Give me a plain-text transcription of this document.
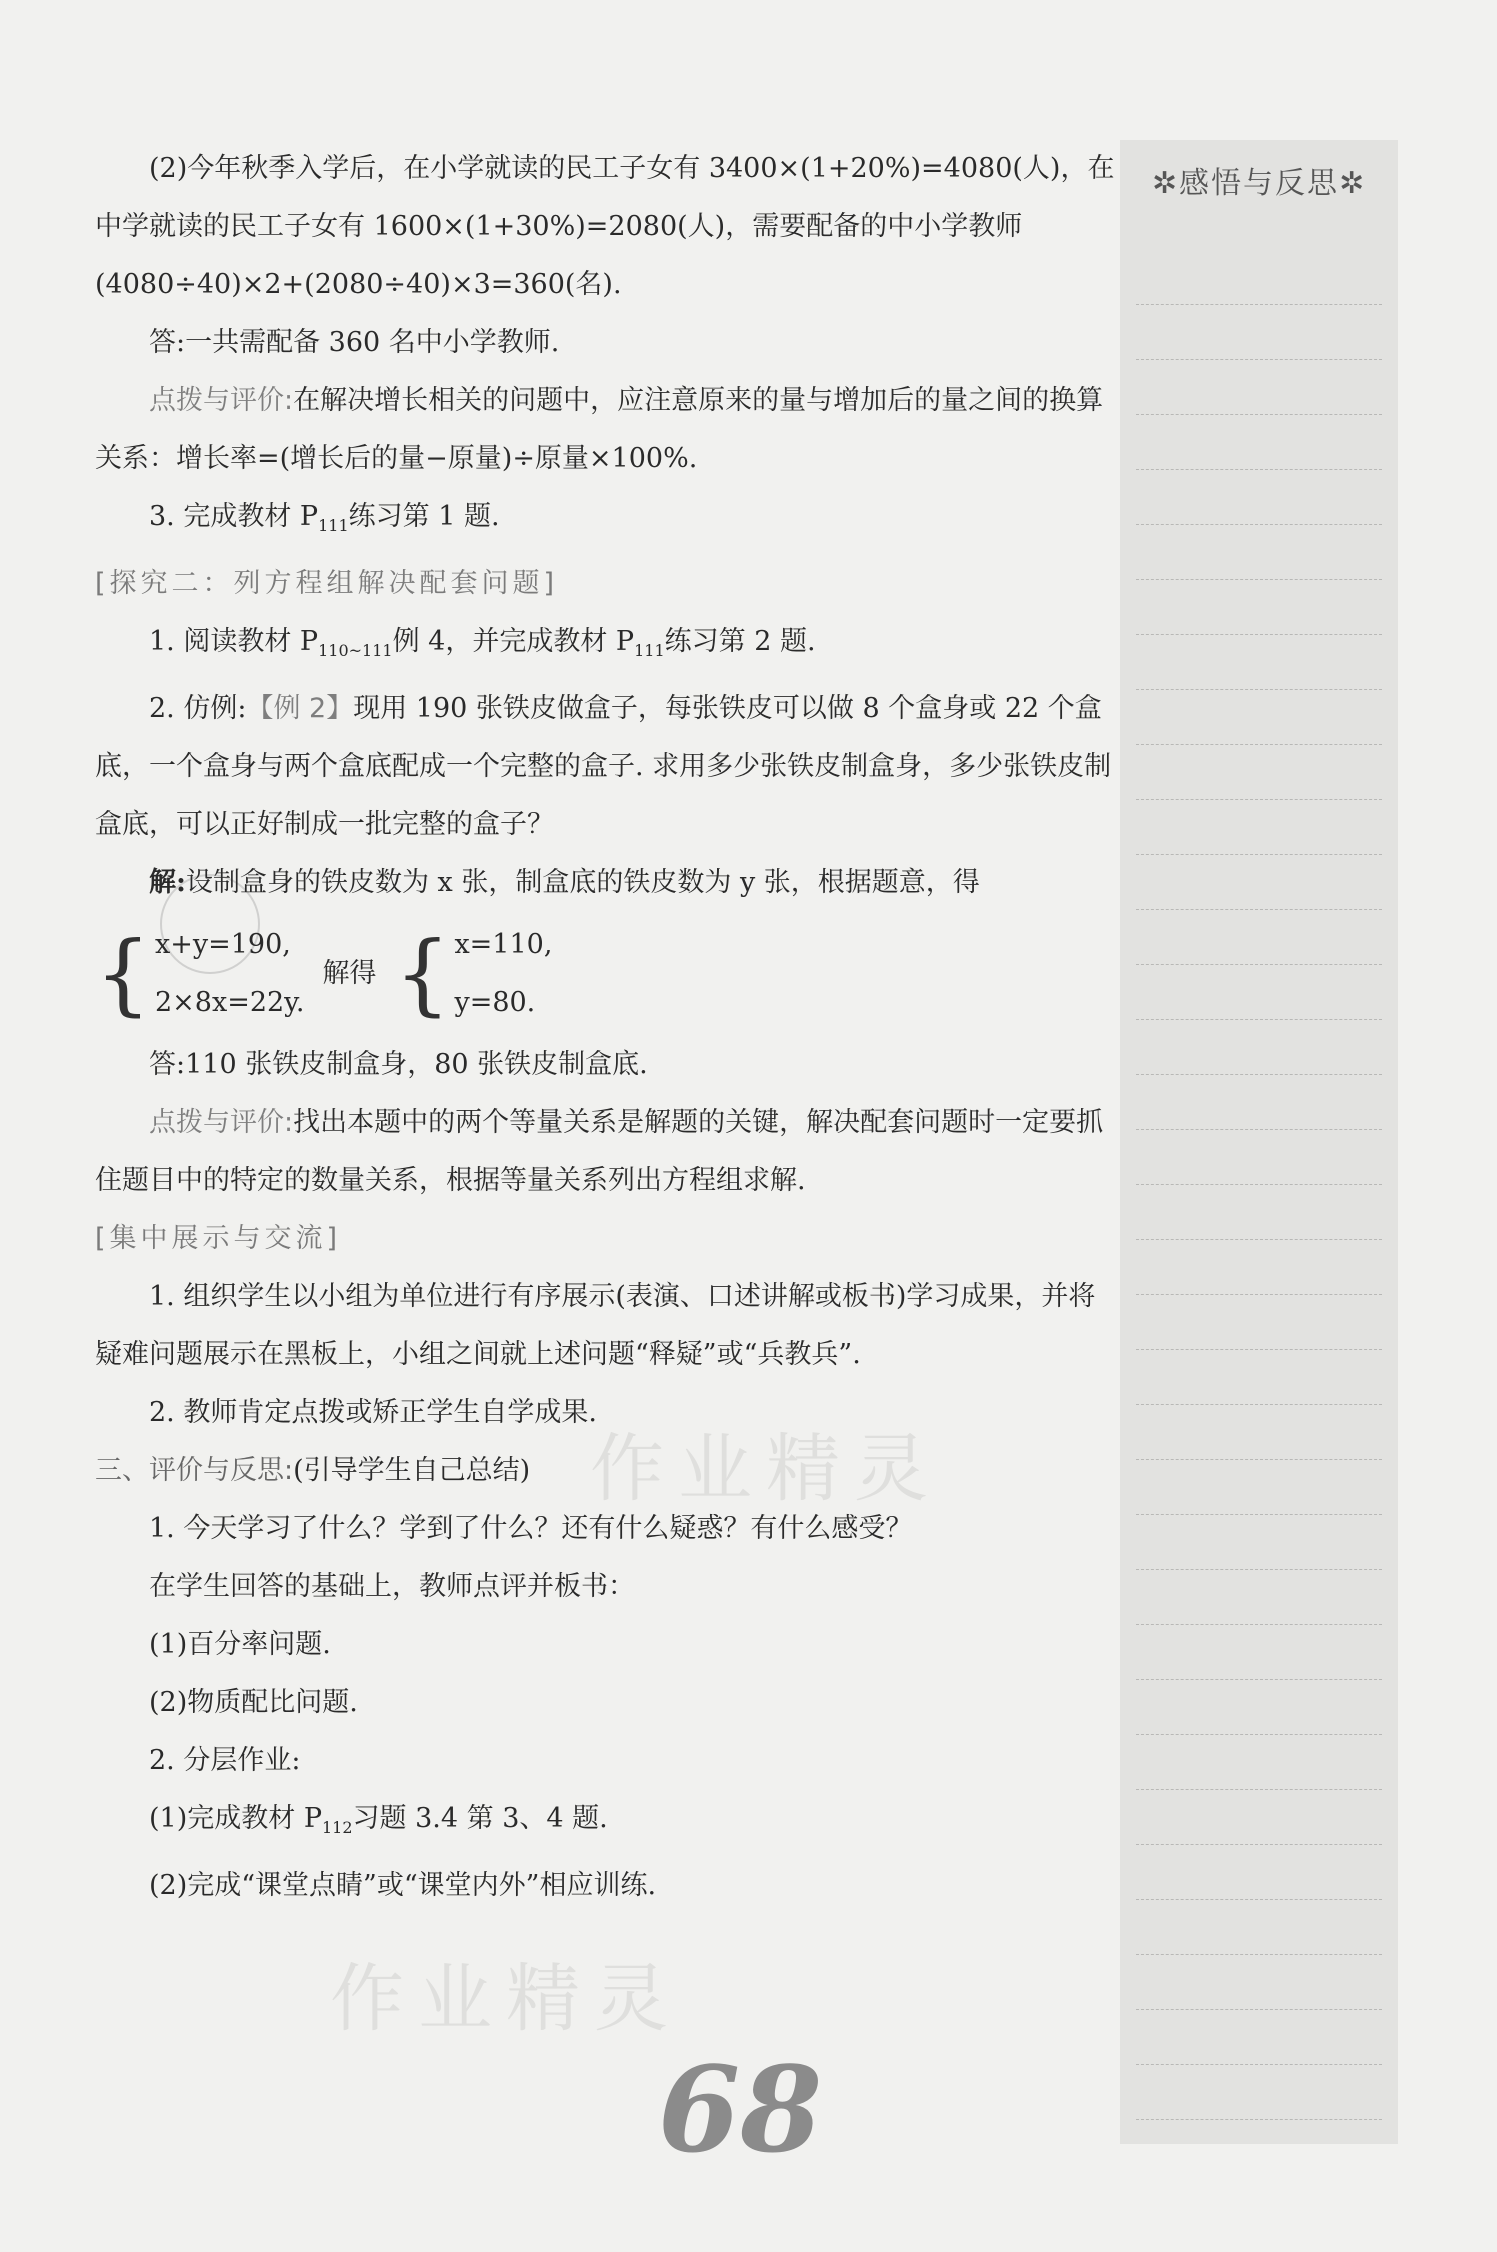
作业精灵
作业精灵

(2)今年秋季入学后，在小学就读的民工子女有 3400×(1+20%)=4080(人)，在中学就读的民工子女有 1600×(1+30%)=2080(人)，需要配备的中小学教师(4080÷40)×2+(2080÷40)×3=360(名).

答:一共需配备 360 名中小学教师.

点拨与评价:在解决增长相关的问题中，应注意原来的量与增加后的量之间的换算关系：增长率=(增长后的量−原量)÷原量×100%.

3. 完成教材 $P_{111}$练习第 1 题.

[探究二：列方程组解决配套问题]

1. 阅读教材 $P_{110\sim 111}$例 4，并完成教材 $P_{111}$练习第 2 题.

2. 仿例:【例 2】现用 190 张铁皮做盒子，每张铁皮可以做 8 个盒身或 22 个盒底，一个盒身与两个盒底配成一个完整的盒子. 求用多少张铁皮制盒身，多少张铁皮制盒底，可以正好制成一批完整的盒子？

解:设制盒身的铁皮数为 x 张，制盒底的铁皮数为 y 张，根据题意，得

{ x+y=190,
2×8x=22y.
解得 { x=110,
y=80.

答:110 张铁皮制盒身，80 张铁皮制盒底.

点拨与评价:找出本题中的两个等量关系是解题的关键，解决配套问题时一定要抓住题目中的特定的数量关系，根据等量关系列出方程组求解.

[集中展示与交流]

1. 组织学生以小组为单位进行有序展示(表演、口述讲解或板书)学习成果，并将疑难问题展示在黑板上，小组之间就上述问题“释疑”或“兵教兵”.

2. 教师肯定点拨或矫正学生自学成果.

三、评价与反思:(引导学生自己总结)

1. 今天学习了什么？学到了什么？还有什么疑惑？有什么感受？

在学生回答的基础上，教师点评并板书：

(1)百分率问题.

(2)物质配比问题.

2. 分层作业:

(1)完成教材 $P_{112}$习题 3.4 第 3、4 题.

(2)完成“课堂点睛”或“课堂内外”相应训练.

✲感悟与反思✲
68
